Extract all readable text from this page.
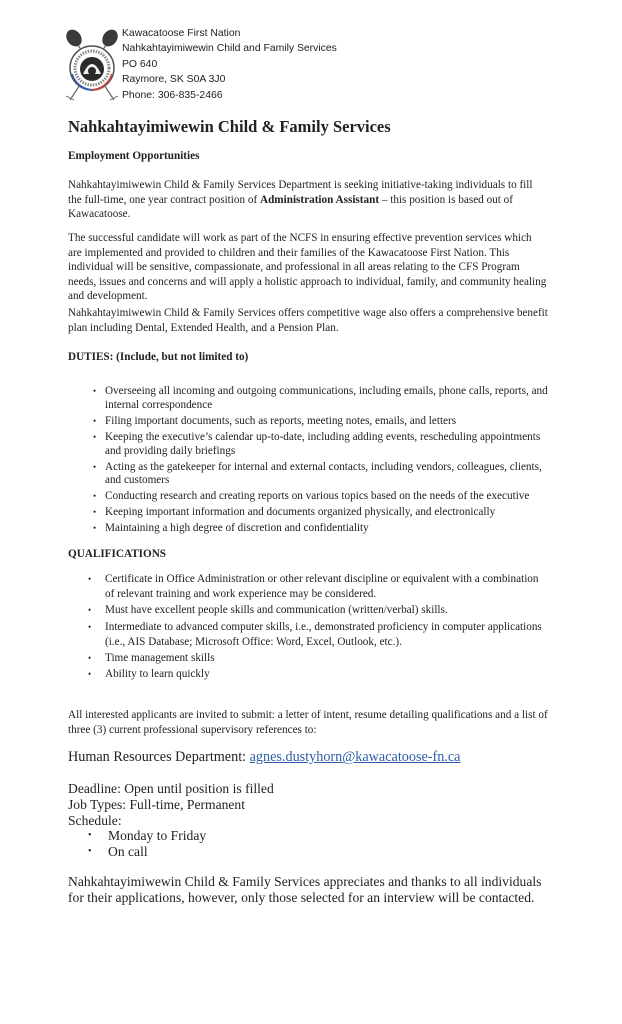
Kawacatoose First Nation
Nahkahtayimiwewin Child and Family Services
PO 640
Raymore, SK S0A 3J0
Phone: 306-835-2466
Nahkahtayimiwewin Child & Family Services
Employment Opportunities
Nahkahtayimiwewin Child & Family Services Department is seeking initiative-taking individuals to fill the full-time, one year contract position of Administration Assistant – this position is based out of Kawacatoose.
The successful candidate will work as part of the NCFS in ensuring effective prevention services which are implemented and provided to children and their families of the Kawacatoose First Nation. This individual will be sensitive, compassionate, and professional in all areas relating to the CFS Program needs, issues and concerns and will apply a holistic approach to individual, family, and community healing and development.
Nahkahtayimiwewin Child & Family Services offers competitive wage also offers a comprehensive benefit plan including Dental, Extended Health, and a Pension Plan.
DUTIES: (Include, but not limited to)
• Overseeing all incoming and outgoing communications, including emails, phone calls, reports, and internal correspondence
• Filing important documents, such as reports, meeting notes, emails, and letters
• Keeping the executive’s calendar up-to-date, including adding events, rescheduling appointments and providing daily briefings
• Acting as the gatekeeper for internal and external contacts, including vendors, colleagues, clients, and customers
• Conducting research and creating reports on various topics based on the needs of the executive
• Keeping important information and documents organized physically, and electronically
• Maintaining a high degree of discretion and confidentiality
QUALIFICATIONS
• Certificate in Office Administration or other relevant discipline or equivalent with a combination of relevant training and work experience may be considered.
• Must have excellent people skills and communication (written/verbal) skills.
• Intermediate to advanced computer skills, i.e., demonstrated proficiency in computer applications (i.e., AIS Database; Microsoft Office: Word, Excel, Outlook, etc.).
• Time management skills
• Ability to learn quickly
All interested applicants are invited to submit: a letter of intent, resume detailing qualifications and a list of three (3) current professional supervisory references to:
Human Resources Department: agnes.dustyhorn@kawacatoose-fn.ca
Deadline: Open until position is filled
Job Types: Full-time, Permanent
Schedule:
• Monday to Friday
• On call
Nahkahtayimiwewin Child & Family Services appreciates and thanks to all individuals for their applications, however, only those selected for an interview will be contacted.
